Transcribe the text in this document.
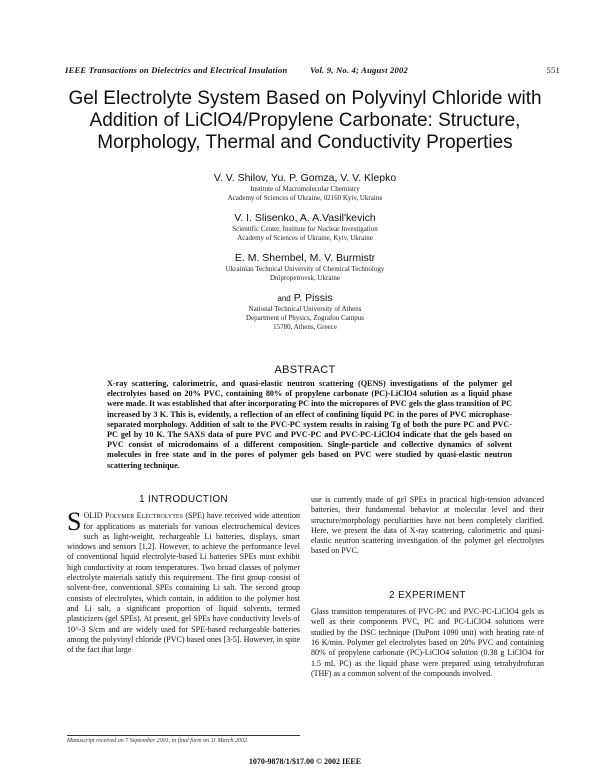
IEEE Transactions on Dielectrics and Electrical Insulation	Vol. 9, No. 4; August 2002	551
Gel Electrolyte System Based on Polyvinyl Chloride with Addition of LiClO4/Propylene Carbonate: Structure, Morphology, Thermal and Conductivity Properties
V. V. Shilov, Yu. P. Gomza, V. V. Klepko
Institute of Macromolecular Chemistry
Academy of Sciences of Ukraine, 02160 Kyiv, Ukraine
V. I. Slisenko, A. A.Vasil'kevich
Scientific Center, Institute for Nuclear Investigation
Academy of Sciences of Ukraine, Kyiv, Ukraine
E. M. Shembel, M. V. Burmistr
Ukrainian Technical University of Chemical Technology
Dnipropetrovsk, Ukraine
and P. Pissis
National Technical University of Athens
Department of Physics, Zografou Campus
15780, Athens, Greece
ABSTRACT
X-ray scattering, calorimetric, and quasi-elastic neutron scattering (QENS) investigations of the polymer gel electrolytes based on 20% PVC, containing 80% of propylene carbonate (PC)-LiClO4 solution as a liquid phase were made. It was established that after incorporating PC into the micropores of PVC gels the glass transition of PC increased by 3 K. This is, evidently, a reflection of an effect of confining liquid PC in the pores of PVC microphase-separated morphology. Addition of salt to the PVC-PC system results in raising Tg of both the pure PC and PVC-PC gel by 10 K. The SAXS data of pure PVC and PVC-PC and PVC-PC-LiClO4 indicate that the gels based on PVC consist of microdomains of a different composition. Single-particle and collective dynamics of solvent molecules in free state and in the pores of polymer gels based on PVC were studied by quasi-elastic neutron scattering technique.
1 INTRODUCTION

SOLID Polymer Electrolytes (SPE) have received wide attention for applications as materials for various electrochemical devices such as light-weight, rechargeable Li batteries, displays, smart windows and sensors [1,2]. However, to achieve the performance level of conventional liquid electrolyte-based Li batteries SPEs must exhibit high conductivity at room temperatures. Two broad classes of polymer electrolyte materials satisfy this requirement. The first group consist of solvent-free, conventional SPEs containing Li salt. The second group consists of electrolytes, which contain, in addition to the polymer host and Li salt, a significant proportion of liquid solvents, termed plasticizers (gel SPEs). At present, gel SPEs have conductivity levels of 10^-3 S/cm and are widely used for SPE-based rechargeable batteries among the polyvinyl chloride (PVC) based ones [3-5]. However, in spite of the fact that large

use is currently made of gel SPEs in practical high-tension advanced batteries, their fundamental behavior at molecular level and their structure/morphology peculiarities have not been completely clarified. Here, we present the data of X-ray scattering, calorimetric and quasi-elastic neutron scattering investigation of the polymer gel electrolytes based on PVC.

2 EXPERIMENT

Glass transition temperatures of PVC-PC and PVC-PC-LiClO4 gels as well as their components PVC, PC and PC-LiClO4 solutions were studied by the DSC technique (DuPont 1090 unit) with heating rate of 16 K/min. Polymer gel electrolytes based on 20% PVC and containing 80% of propylene carbonate (PC)-LiClO4 solution (0.38 g LiClO4 for 1.5 mL PC) as the liquid phase were prepared using tetrahydrofuran (THF) as a common solvent of the compounds involved.

Manuscript received on 7 September 2001, in final form on 11 March 2002.
1070-9878/1/$17.00 © 2002 IEEE
